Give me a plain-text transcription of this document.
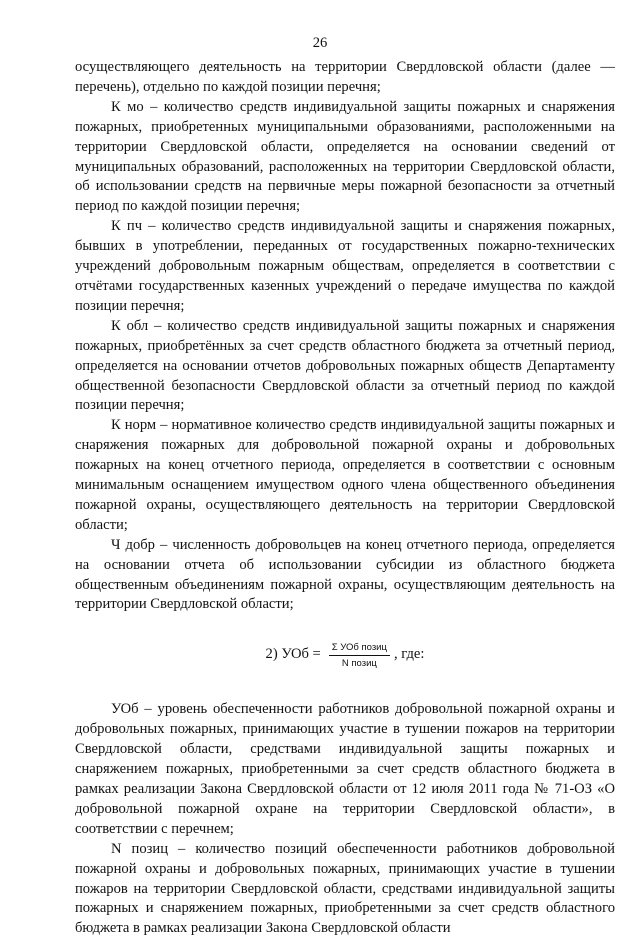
26

осуществляющего деятельность на территории Свердловской области (далее — перечень), отдельно по каждой позиции перечня;

К мо – количество средств индивидуальной защиты пожарных и снаряжения пожарных, приобретенных муниципальными образованиями, расположенными на территории Свердловской области, определяется на основании сведений от муниципальных образований, расположенных на территории Свердловской области, об использовании средств на первичные меры пожарной безопасности за отчетный период по каждой позиции перечня;

К пч – количество средств индивидуальной защиты и снаряжения пожарных, бывших в употреблении, переданных от государственных пожарно-технических учреждений добровольным пожарным обществам, определяется в соответствии с отчётами государственных казенных учреждений о передаче имущества по каждой позиции перечня;

К обл – количество средств индивидуальной защиты пожарных и снаряжения пожарных, приобретённых за счет средств областного бюджета за отчетный период, определяется на основании отчетов добровольных пожарных обществ Департаменту общественной безопасности Свердловской области за отчетный период по каждой позиции перечня;

К норм – нормативное количество средств индивидуальной защиты пожарных и снаряжения пожарных для добровольной пожарной охраны и добровольных пожарных на конец отчетного периода, определяется в соответствии с основным минимальным оснащением имуществом одного члена общественного объединения пожарной охраны, осуществляющего деятельность на территории Свердловской области;

Ч добр – численность добровольцев на конец отчетного периода, определяется на основании отчета об использовании субсидии из областного бюджета общественным объединениям пожарной охраны, осуществляющим деятельность на территории Свердловской области;

2) УОб = $\frac{\text{Σ УОб позиц}}{\text{N позиц}}$ , где:

УОб – уровень обеспеченности работников добровольной пожарной охраны и добровольных пожарных, принимающих участие в тушении пожаров на территории Свердловской области, средствами индивидуальной защиты пожарных и снаряжением пожарных, приобретенными за счет средств областного бюджета в рамках реализации Закона Свердловской области от 12 июля 2011 года № 71-ОЗ «О добровольной пожарной охране на территории Свердловской области», в соответствии с перечнем;

N позиц – количество позиций обеспеченности работников добровольной пожарной охраны и добровольных пожарных, принимающих участие в тушении пожаров на территории Свердловской области, средствами индивидуальной защиты пожарных и снаряжением пожарных, приобретенными за счет средств областного бюджета в рамках реализации Закона Свердловской области
